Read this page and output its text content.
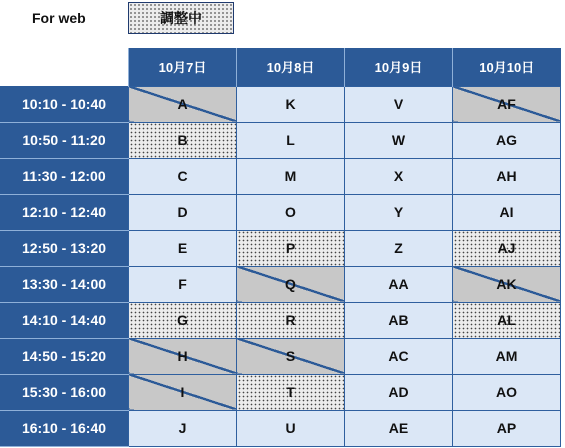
For web	調整中
	10月7日	10月8日	10月9日	10月10日
10:10 - 10:40	A	K	V	AF
10:50 - 11:20	B	L	W	AG
11:30 - 12:00	C	M	X	AH
12:10 - 12:40	D	O	Y	AI
12:50 - 13:20	E	P	Z	AJ
13:30 - 14:00	F	Q	AA	AK
14:10 - 14:40	G	R	AB	AL
14:50 - 15:20	H	S	AC	AM
15:30 - 16:00	I	T	AD	AO
16:10 - 16:40	J	U	AE	AP
